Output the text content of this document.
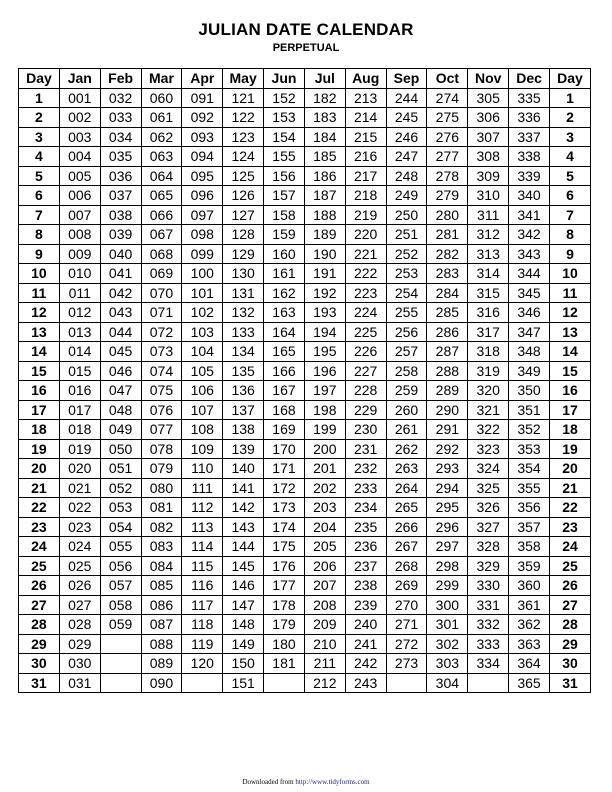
JULIAN DATE CALENDAR
PERPETUAL
Day	Jan	Feb	Mar	Apr	May	Jun	Jul	Aug	Sep	Oct	Nov	Dec	Day
1	001	032	060	091	121	152	182	213	244	274	305	335	1
2	002	033	061	092	122	153	183	214	245	275	306	336	2
3	003	034	062	093	123	154	184	215	246	276	307	337	3
4	004	035	063	094	124	155	185	216	247	277	308	338	4
5	005	036	064	095	125	156	186	217	248	278	309	339	5
6	006	037	065	096	126	157	187	218	249	279	310	340	6
7	007	038	066	097	127	158	188	219	250	280	311	341	7
8	008	039	067	098	128	159	189	220	251	281	312	342	8
9	009	040	068	099	129	160	190	221	252	282	313	343	9
10	010	041	069	100	130	161	191	222	253	283	314	344	10
11	011	042	070	101	131	162	192	223	254	284	315	345	11
12	012	043	071	102	132	163	193	224	255	285	316	346	12
13	013	044	072	103	133	164	194	225	256	286	317	347	13
14	014	045	073	104	134	165	195	226	257	287	318	348	14
15	015	046	074	105	135	166	196	227	258	288	319	349	15
16	016	047	075	106	136	167	197	228	259	289	320	350	16
17	017	048	076	107	137	168	198	229	260	290	321	351	17
18	018	049	077	108	138	169	199	230	261	291	322	352	18
19	019	050	078	109	139	170	200	231	262	292	323	353	19
20	020	051	079	110	140	171	201	232	263	293	324	354	20
21	021	052	080	111	141	172	202	233	264	294	325	355	21
22	022	053	081	112	142	173	203	234	265	295	326	356	22
23	023	054	082	113	143	174	204	235	266	296	327	357	23
24	024	055	083	114	144	175	205	236	267	297	328	358	24
25	025	056	084	115	145	176	206	237	268	298	329	359	25
26	026	057	085	116	146	177	207	238	269	299	330	360	26
27	027	058	086	117	147	178	208	239	270	300	331	361	27
28	028	059	087	118	148	179	209	240	271	301	332	362	28
29	029		088	119	149	180	210	241	272	302	333	363	29
30	030		089	120	150	181	211	242	273	303	334	364	30
31	031		090		151		212	243		304		365	31
Downloaded from http://www.tidyforms.com
